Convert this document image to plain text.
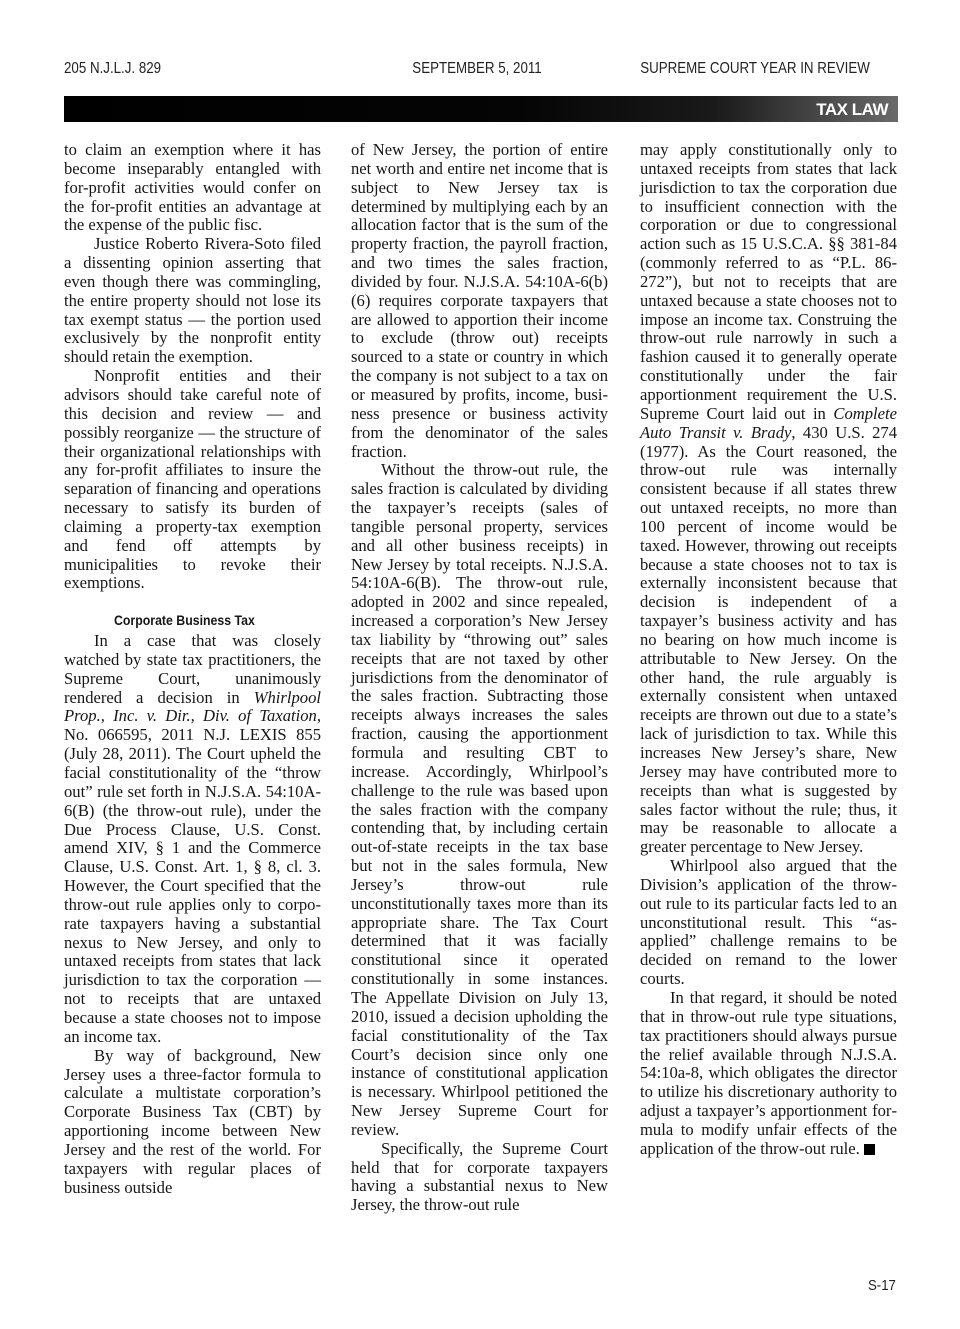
205 N.J.L.J. 829	SEPTEMBER 5, 2011	SUPREME COURT YEAR IN REVIEW
TAX LAW

to claim an exemption where it has become inseparably entangled with for-profit activities would confer on the for-profit entities an advantage at the expense of the public fisc.

Justice Roberto Rivera-Soto filed a dissenting opinion asserting that even though there was commingling, the entire property should not lose its tax exempt status — the portion used exclusively by the nonprofit entity should retain the exemption.

Nonprofit entities and their advisors should take careful note of this decision and review — and possibly reorganize — the structure of their organizational relationships with any for-profit affiliates to insure the separation of financing and operations necessary to satisfy its burden of claiming a property-tax exemption and fend off attempts by municipalities to revoke their exemptions.

Corporate Business Tax

In a case that was closely watched by state tax practitioners, the Supreme Court, unanimously rendered a decision in Whirlpool Prop., Inc. v. Dir., Div. of Taxation, No. 066595, 2011 N.J. LEXIS 855 (July 28, 2011). The Court upheld the facial constitutionality of the “throw out” rule set forth in N.J.S.A. 54:10A-6(B) (the throw-out rule), under the Due Process Clause, U.S. Const. amend XIV, § 1 and the Commerce Clause, U.S. Const. Art. 1, § 8, cl. 3. However, the Court specified that the throw-out rule applies only to corporate taxpayers having a substantial nexus to New Jersey, and only to untaxed receipts from states that lack jurisdiction to tax the corporation — not to receipts that are untaxed because a state chooses not to impose an income tax.

By way of background, New Jersey uses a three-factor formula to calculate a multistate corporation’s Corporate Business Tax (CBT) by apportioning income between New Jersey and the rest of the world. For taxpayers with regular places of business outside

of New Jersey, the portion of entire net worth and entire net income that is subject to New Jersey tax is determined by multiplying each by an allocation factor that is the sum of the property fraction, the payroll fraction, and two times the sales fraction, divided by four. N.J.S.A. 54:10A-6(b)(6) requires corporate taxpayers that are allowed to apportion their income to exclude (throw out) receipts sourced to a state or country in which the company is not subject to a tax on or measured by profits, income, business presence or business activity from the denominator of the sales fraction.

Without the throw-out rule, the sales fraction is calculated by dividing the taxpayer’s receipts (sales of tangible personal property, services and all other business receipts) in New Jersey by total receipts. N.J.S.A. 54:10A-6(B). The throw-out rule, adopted in 2002 and since repealed, increased a corporation’s New Jersey tax liability by “throwing out” sales receipts that are not taxed by other jurisdictions from the denominator of the sales fraction. Subtracting those receipts always increases the sales fraction, causing the apportionment formula and resulting CBT to increase. Accordingly, Whirlpool’s challenge to the rule was based upon the sales fraction with the company contending that, by including certain out-of-state receipts in the tax base but not in the sales formula, New Jersey’s throw-out rule unconstitutionally taxes more than its appropriate share. The Tax Court determined that it was facially constitutional since it operated constitutionally in some instances. The Appellate Division on July 13, 2010, issued a decision upholding the facial constitutionality of the Tax Court’s decision since only one instance of constitutional application is necessary. Whirlpool petitioned the New Jersey Supreme Court for review.

Specifically, the Supreme Court held that for corporate taxpayers having a substantial nexus to New Jersey, the throw-out rule

may apply constitutionally only to untaxed receipts from states that lack jurisdiction to tax the corporation due to insufficient connection with the corporation or due to congressional action such as 15 U.S.C.A. §§ 381-84 (commonly referred to as “P.L. 86-272”), but not to receipts that are untaxed because a state chooses not to impose an income tax. Construing the throw-out rule narrowly in such a fashion caused it to generally operate constitutionally under the fair apportionment requirement the U.S. Supreme Court laid out in Complete Auto Transit v. Brady, 430 U.S. 274 (1977). As the Court reasoned, the throw-out rule was internally consistent because if all states threw out untaxed receipts, no more than 100 percent of income would be taxed. However, throwing out receipts because a state chooses not to tax is externally inconsistent because that decision is independent of a taxpayer’s business activity and has no bearing on how much income is attributable to New Jersey. On the other hand, the rule arguably is externally consistent when untaxed receipts are thrown out due to a state’s lack of jurisdiction to tax. While this increases New Jersey’s share, New Jersey may have contributed more to receipts than what is suggested by sales factor without the rule; thus, it may be reasonable to allocate a greater percentage to New Jersey.

Whirlpool also argued that the Division’s application of the throw-out rule to its particular facts led to an unconstitutional result. This “as-applied” challenge remains to be decided on remand to the lower courts.

In that regard, it should be noted that in throw-out rule type situations, tax practitioners should always pursue the relief available through N.J.S.A. 54:10a-8, which obligates the director to utilize his discretionary authority to adjust a taxpayer’s apportionment formula to modify unfair effects of the application of the throw-out rule.

S-17
